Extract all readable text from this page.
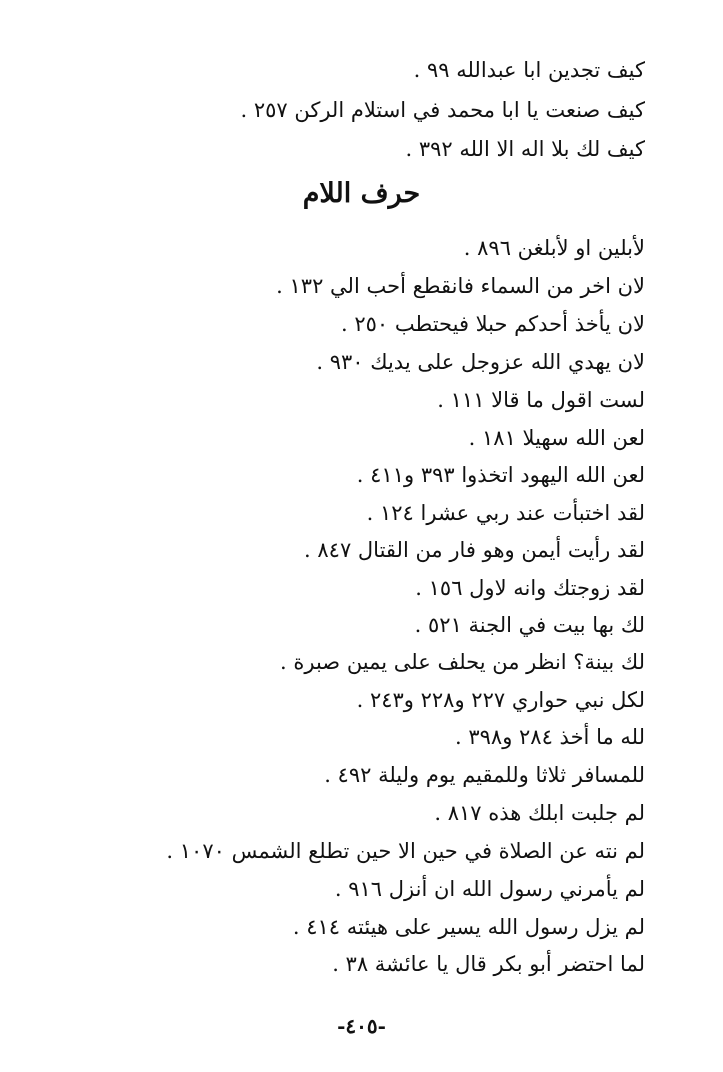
كيف تجدين ابا عبدالله ٩٩ .
كيف صنعت يا ابا محمد في استلام الركن ٢٥٧ .
كيف لك بلا اله الا الله ٣٩٢ .
حرف اللام
لأبلين او لأبلغن ٨٩٦ .
لان اخر من السماء فانقطع أحب الي ١٣٢ .
لان يأخذ أحدكم حبلا فيحتطب ٢٥٠ .
لان يهدي الله عزوجل على يديك ٩٣٠ .
لست اقول ما قالا ١١١ .
لعن الله سهيلا ١٨١ .
لعن الله اليهود اتخذوا ٣٩٣ و٤١١ .
لقد اختبأت عند ربي عشرا ١٢٤ .
لقد رأيت أيمن وهو فار من القتال ٨٤٧ .
لقد زوجتك وانه لاول ١٥٦ .
لك بها بيت في الجنة ٥٢١ .
لك بينة؟ انظر من يحلف على يمين صبرة .
لكل نبي حواري ٢٢٧ و٢٢٨ و٢٤٣ .
لله ما أخذ ٢٨٤ و٣٩٨ .
للمسافر ثلاثا وللمقيم يوم وليلة ٤٩٢ .
لم جلبت ابلك هذه ٨١٧ .
لم نته عن الصلاة في حين الا حين تطلع الشمس ١٠٧٠ .
لم يأمرني رسول الله ان أنزل ٩١٦ .
لم يزل رسول الله يسير على هيئته ٤١٤ .
لما احتضر أبو بكر قال يا عائشة ٣٨ .
-٤٠٥-
